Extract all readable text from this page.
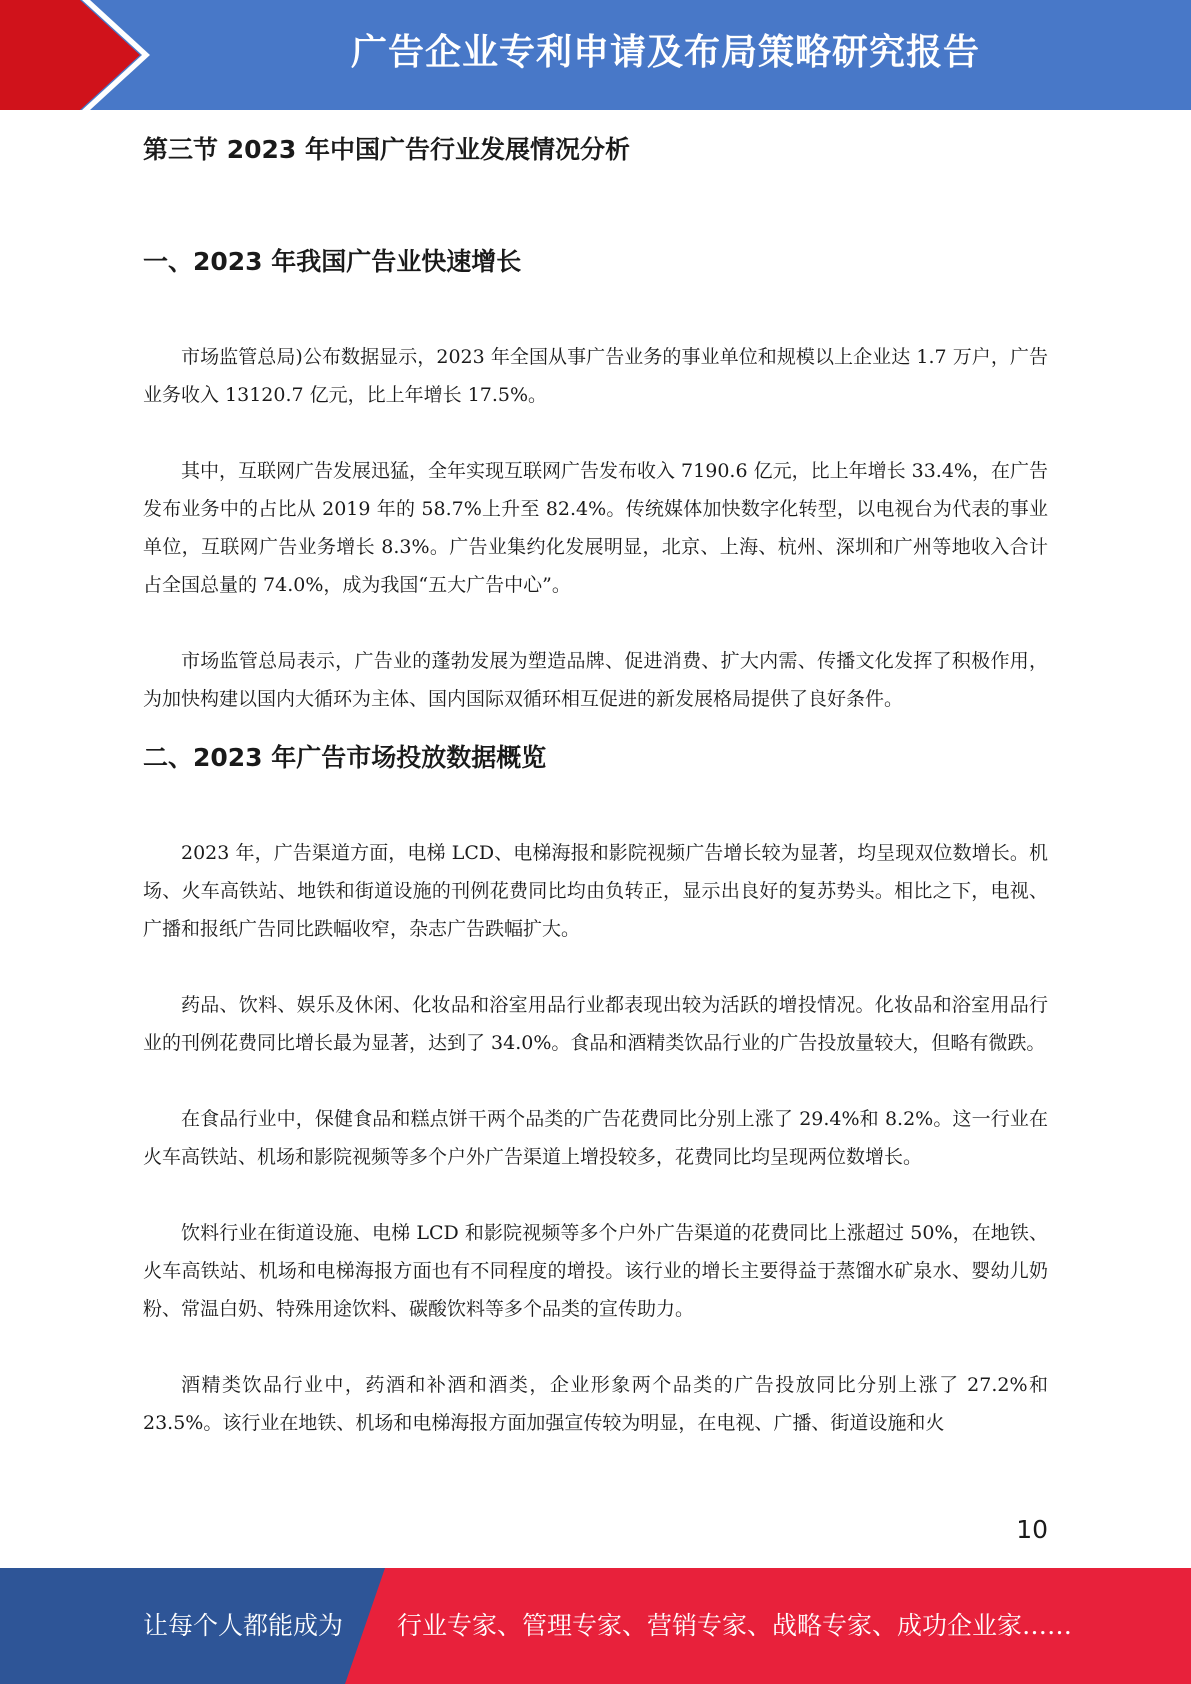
广告企业专利申请及布局策略研究报告
第三节 2023 年中国广告行业发展情况分析
一、2023 年我国广告业快速增长

市场监管总局)公布数据显示，2023 年全国从事广告业务的事业单位和规模以上企业达 1.7 万户，广告业务收入 13120.7 亿元，比上年增长 17.5%。

其中，互联网广告发展迅猛，全年实现互联网广告发布收入 7190.6 亿元，比上年增长 33.4%，在广告发布业务中的占比从 2019 年的 58.7%上升至 82.4%。传统媒体加快数字化转型，以电视台为代表的事业单位，互联网广告业务增长 8.3%。广告业集约化发展明显，北京、上海、杭州、深圳和广州等地收入合计占全国总量的 74.0%，成为我国“五大广告中心”。

市场监管总局表示，广告业的蓬勃发展为塑造品牌、促进消费、扩大内需、传播文化发挥了积极作用，为加快构建以国内大循环为主体、国内国际双循环相互促进的新发展格局提供了良好条件。

二、2023 年广告市场投放数据概览

2023 年，广告渠道方面，电梯 LCD、电梯海报和影院视频广告增长较为显著，均呈现双位数增长。机场、火车高铁站、地铁和街道设施的刊例花费同比均由负转正，显示出良好的复苏势头。相比之下，电视、广播和报纸广告同比跌幅收窄，杂志广告跌幅扩大。

药品、饮料、娱乐及休闲、化妆品和浴室用品行业都表现出较为活跃的增投情况。化妆品和浴室用品行业的刊例花费同比增长最为显著，达到了 34.0%。食品和酒精类饮品行业的广告投放量较大，但略有微跌。

在食品行业中，保健食品和糕点饼干两个品类的广告花费同比分别上涨了 29.4%和 8.2%。这一行业在火车高铁站、机场和影院视频等多个户外广告渠道上增投较多，花费同比均呈现两位数增长。

饮料行业在街道设施、电梯 LCD 和影院视频等多个户外广告渠道的花费同比上涨超过 50%，在地铁、火车高铁站、机场和电梯海报方面也有不同程度的增投。该行业的增长主要得益于蒸馏水矿泉水、婴幼儿奶粉、常温白奶、特殊用途饮料、碳酸饮料等多个品类的宣传助力。

酒精类饮品行业中，药酒和补酒和酒类，企业形象两个品类的广告投放同比分别上涨了 27.2%和 23.5%。该行业在地铁、机场和电梯海报方面加强宣传较为明显，在电视、广播、街道设施和火

10
让每个人都能成为 行业专家、管理专家、营销专家、战略专家、成功企业家……
